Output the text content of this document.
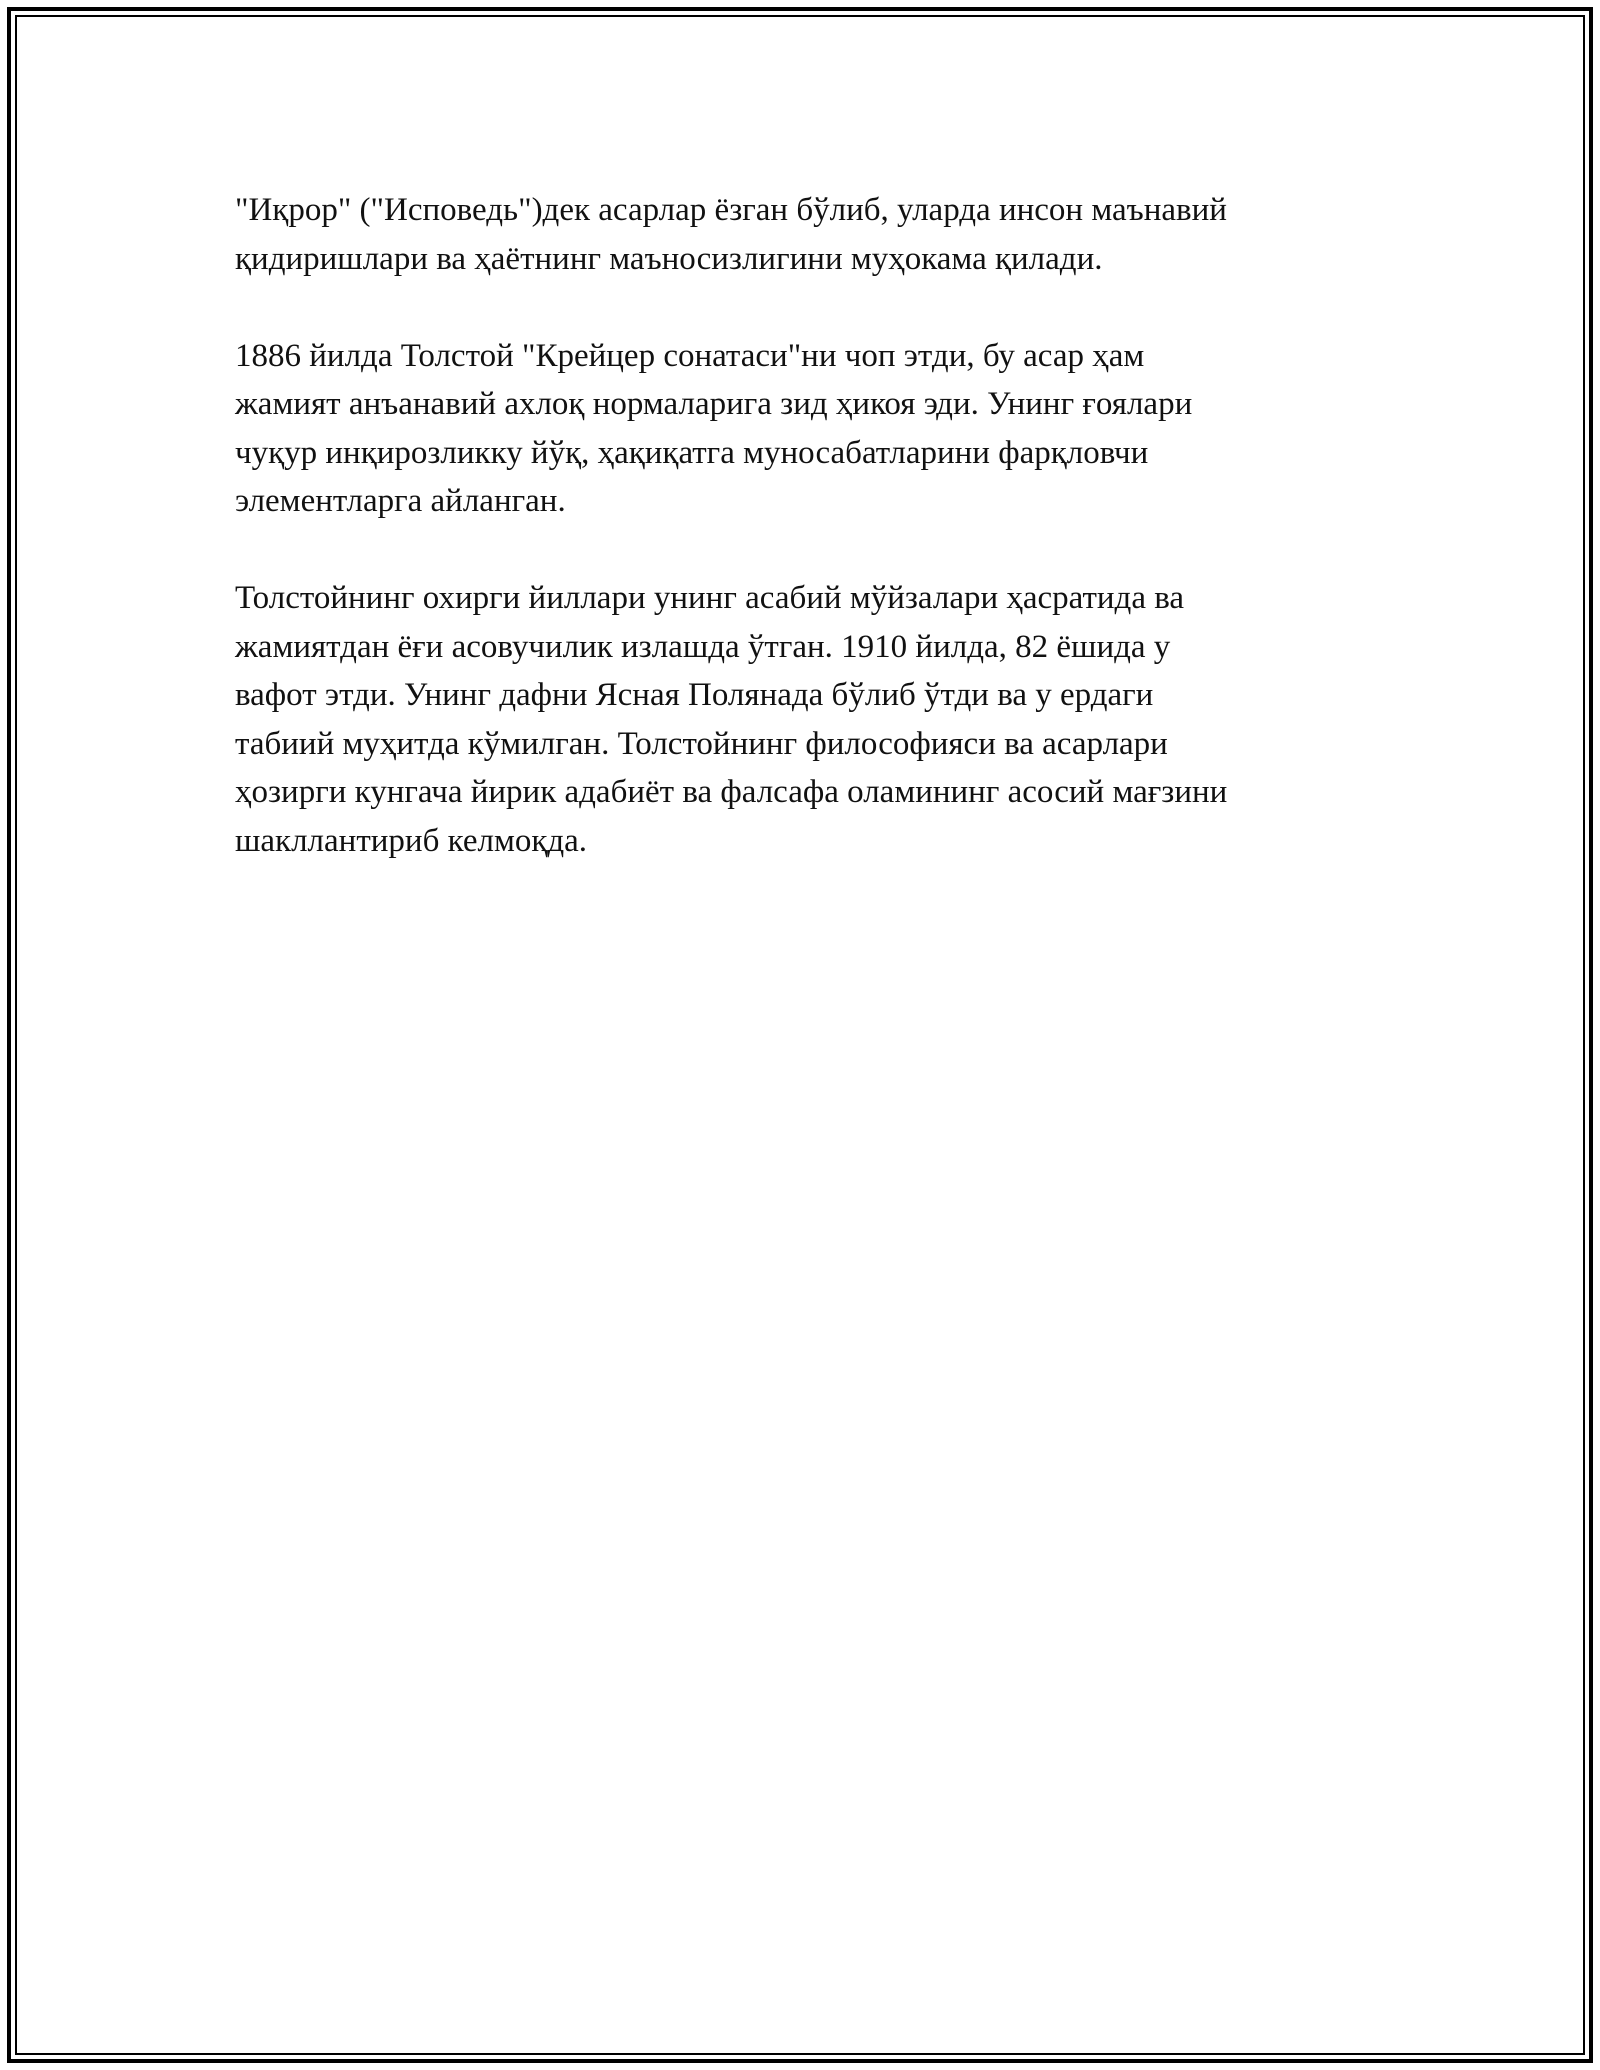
"Иқрор" ("Исповедь")дек асарлар ёзган бўлиб, уларда инсон маънавий
қидиришлари ва ҳаётнинг маъносизлигини муҳокама қилади.

1886 йилда Толстой "Крейцер сонатаси"ни чоп этди, бу асар ҳам
жамият анъанавий ахлоқ нормаларига зид ҳикоя эди. Унинг ғоялари
чуқур инқирозликку йўқ, ҳақиқатга муносабатларини фарқловчи
элементларга айланган.

Толстойнинг охирги йиллари унинг асабий мўйзалари ҳасратида ва
жамиятдан ёғи асовучилик излашда ўтган. 1910 йилда, 82 ёшида у
вафот этди. Унинг дафни Ясная Полянада бўлиб ўтди ва у ердаги
табиий муҳитда кўмилган. Толстойнинг философияси ва асарлари
ҳозирги кунгача йирик адабиёт ва фалсафа оламининг асосий мағзини
шакллантириб келмоқда.
